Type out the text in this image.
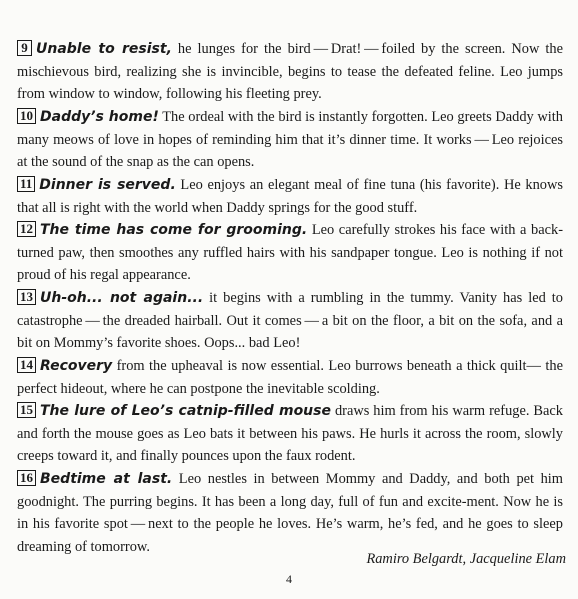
9 Unable to resist, he lunges for the bird — Drat! — foiled by the screen. Now the mischievous bird, realizing she is invincible, begins to tease the defeated feline. Leo jumps from window to window, following his fleeting prey.

10 Daddy’s home! The ordeal with the bird is instantly forgotten. Leo greets Daddy with many meows of love in hopes of reminding him that it’s dinner time. It works — Leo rejoices at the sound of the snap as the can opens.

11 Dinner is served. Leo enjoys an elegant meal of fine tuna (his favorite). He knows that all is right with the world when Daddy springs for the good stuff.

12 The time has come for grooming. Leo carefully strokes his face with a back-turned paw, then smoothes any ruffled hairs with his sandpaper tongue. Leo is nothing if not proud of his regal appearance.

13 Uh-oh... not again... it begins with a rumbling in the tummy. Vanity has led to catastrophe — the dreaded hairball. Out it comes — a bit on the floor, a bit on the sofa, and a bit on Mommy’s favorite shoes. Oops... bad Leo!

14 Recovery from the upheaval is now essential. Leo burrows beneath a thick quilt— the perfect hideout, where he can postpone the inevitable scolding.

15 The lure of Leo’s catnip-filled mouse draws him from his warm refuge. Back and forth the mouse goes as Leo bats it between his paws. He hurls it across the room, slowly creeps toward it, and finally pounces upon the faux rodent.

16 Bedtime at last. Leo nestles in between Mommy and Daddy, and both pet him goodnight. The purring begins. It has been a long day, full of fun and excite-ment. Now he is in his favorite spot — next to the people he loves. He’s warm, he’s fed, and he goes to sleep dreaming of tomorrow.

Ramiro Belgardt, Jacqueline Elam
4
